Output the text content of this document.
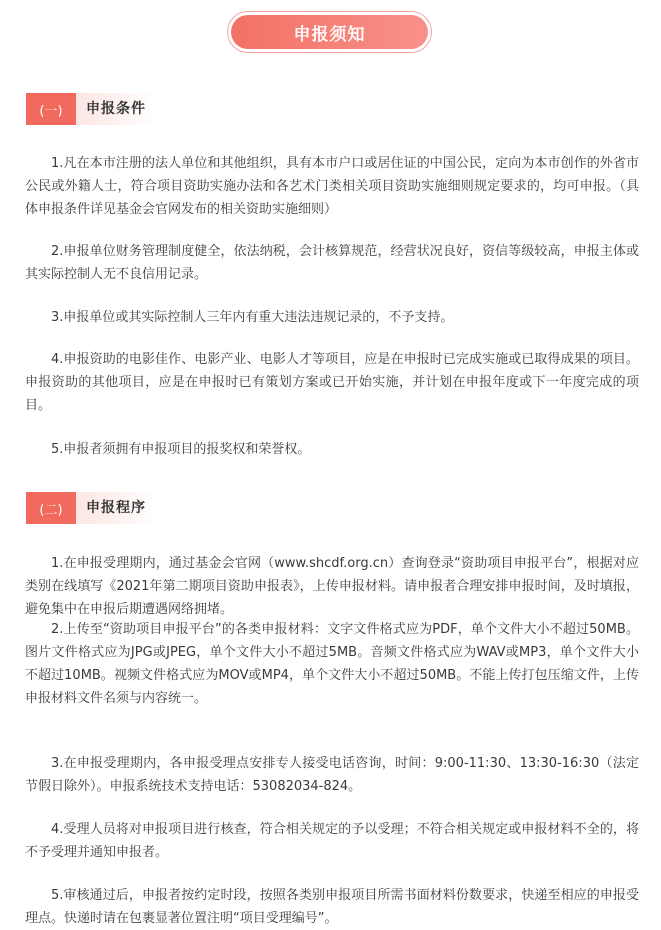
申报须知
(一)	申报条件

1.凡在本市注册的法人单位和其他组织，具有本市户口或居住证的中国公民，定向为本市创作的外省市公民或外籍人士，符合项目资助实施办法和各艺术门类相关项目资助实施细则规定要求的，均可申报。（具体申报条件详见基金会官网发布的相关资助实施细则）

2.申报单位财务管理制度健全，依法纳税，会计核算规范，经营状况良好，资信等级较高，申报主体或其实际控制人无不良信用记录。

3.申报单位或其实际控制人三年内有重大违法违规记录的，不予支持。

4.申报资助的电影佳作、电影产业、电影人才等项目，应是在申报时已完成实施或已取得成果的项目。申报资助的其他项目，应是在申报时已有策划方案或已开始实施，并计划在申报年度或下一年度完成的项目。

5.申报者须拥有申报项目的报奖权和荣誉权。

(二)	申报程序

1.在申报受理期内，通过基金会官网（www.shcdf.org.cn）查询登录“资助项目申报平台”，根据对应类别在线填写《2021年第二期项目资助申报表》，上传申报材料。请申报者合理安排申报时间，及时填报，避免集中在申报后期遭遇网络拥堵。

2.上传至“资助项目申报平台”的各类申报材料：文字文件格式应为PDF，单个文件大小不超过50MB。图片文件格式应为JPG或JPEG，单个文件大小不超过5MB。音频文件格式应为WAV或MP3，单个文件大小不超过10MB。视频文件格式应为MOV或MP4，单个文件大小不超过50MB。不能上传打包压缩文件，上传申报材料文件名须与内容统一。

3.在申报受理期内，各申报受理点安排专人接受电话咨询，时间：9:00-11:30、13:30-16:30（法定节假日除外）。申报系统技术支持电话：53082034-824。

4.受理人员将对申报项目进行核查，符合相关规定的予以受理；不符合相关规定或申报材料不全的，将不予受理并通知申报者。

5.审核通过后，申报者按约定时段，按照各类别申报项目所需书面材料份数要求，快递至相应的申报受理点。快递时请在包裹显著位置注明“项目受理编号”。
